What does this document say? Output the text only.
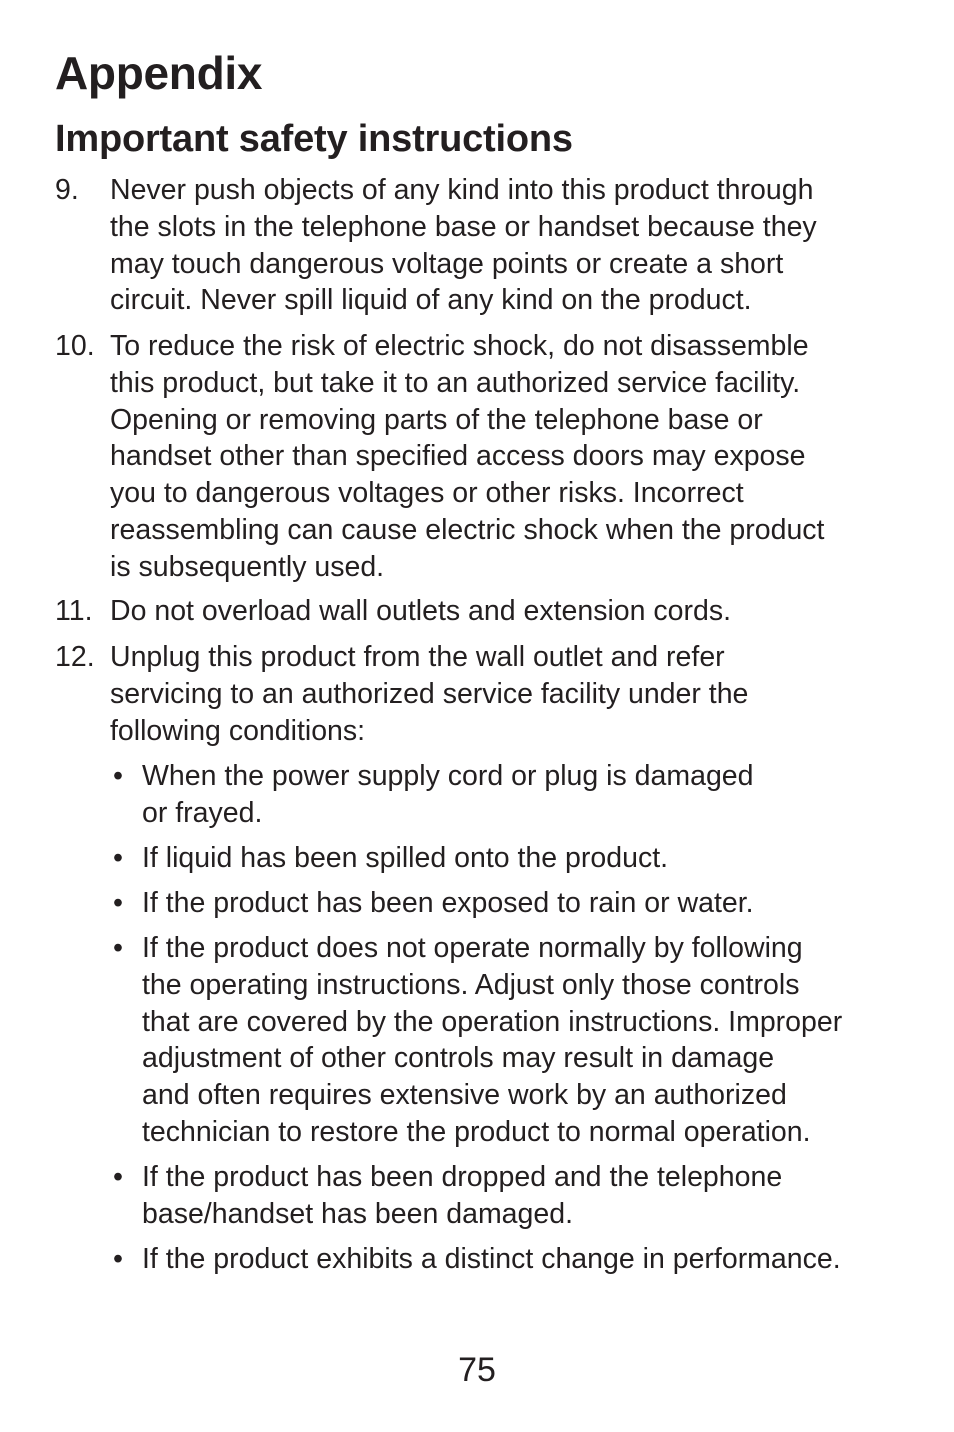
Appendix
Important safety instructions
9. Never push objects of any kind into this product through
the slots in the telephone base or handset because they
may touch dangerous voltage points or create a short
circuit. Never spill liquid of any kind on the product.
10. To reduce the risk of electric shock, do not disassemble
this product, but take it to an authorized service facility.
Opening or removing parts of the telephone base or
handset other than specified access doors may expose
you to dangerous voltages or other risks. Incorrect
reassembling can cause electric shock when the product
is subsequently used.
11. Do not overload wall outlets and extension cords.
12. Unplug this product from the wall outlet and refer
servicing to an authorized service facility under the
following conditions:
• When the power supply cord or plug is damaged
or frayed.
• If liquid has been spilled onto the product.
• If the product has been exposed to rain or water.
• If the product does not operate normally by following
the operating instructions. Adjust only those controls
that are covered by the operation instructions. Improper
adjustment of other controls may result in damage
and often requires extensive work by an authorized
technician to restore the product to normal operation.
• If the product has been dropped and the telephone
base/handset has been damaged.
• If the product exhibits a distinct change in performance.
75
